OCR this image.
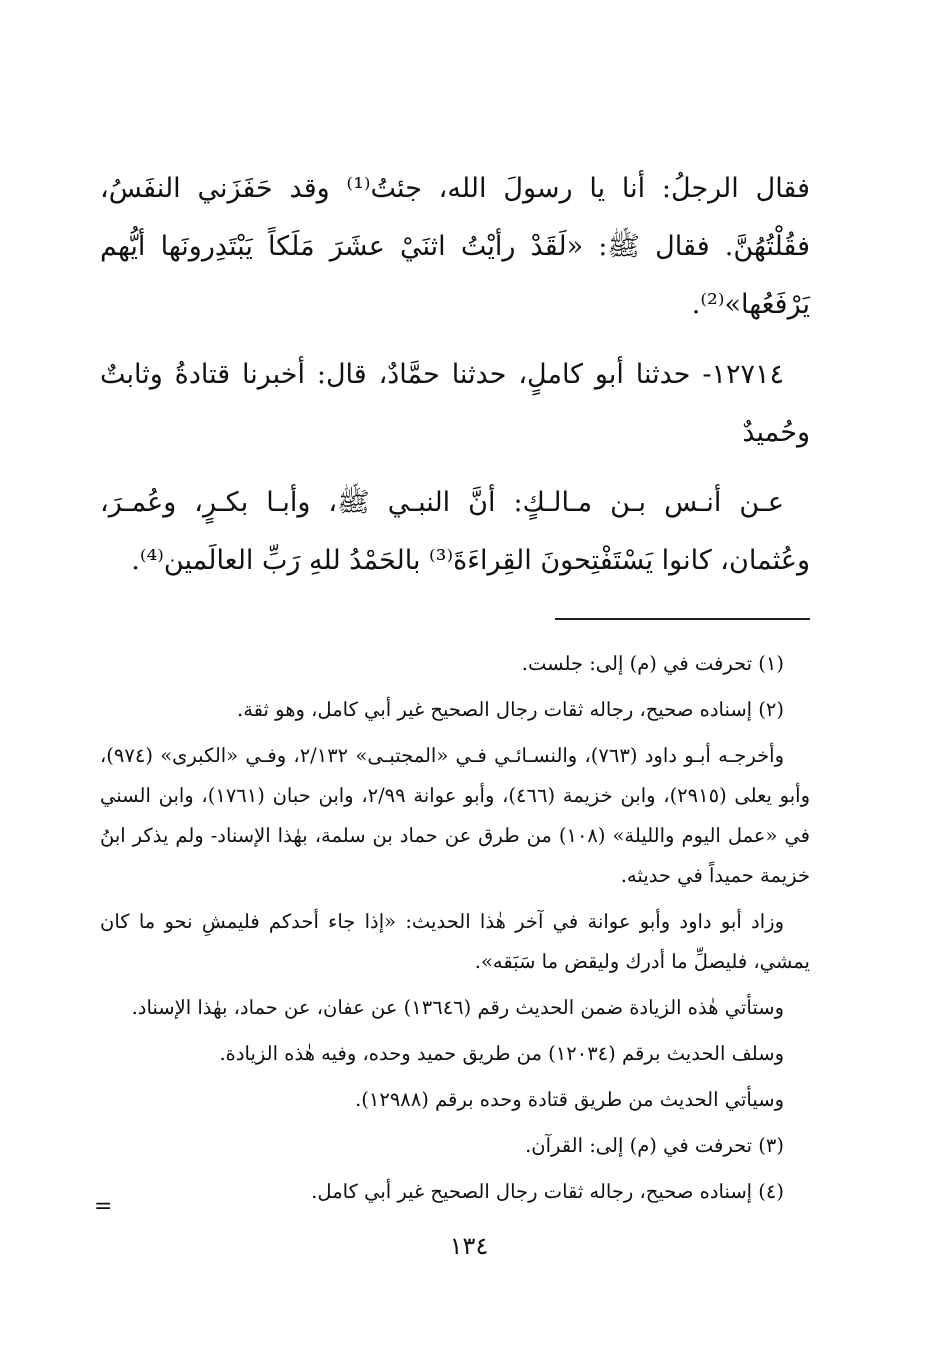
فقال الرجلُ: أنا يا رسولَ الله، جئتُ⁽¹⁾ وقد حَفَزَني النفَسُ، فقُلْتُهُنَّ. فقال ﷺ: «لَقَدْ رأيْتُ اثنَيْ عشَرَ مَلَكاً يَبْتَدِرونَها أيُّهم يَرْفَعُها»⁽²⁾.

١٢٧١٤- حدثنا أبو كاملٍ، حدثنا حمَّادٌ، قال: أخبرنا قتادةُ وثابتٌ وحُميدٌ

عـن أنـس بـن مـالـكٍ: أنَّ النبـي ﷺ، وأبـا بكـرٍ، وعُمـرَ، وعُثمان، كانوا يَسْتَفْتِحونَ القِراءَةَ⁽³⁾ بالحَمْدُ للهِ رَبِّ العالَمين⁽⁴⁾.

(١) تحرفت في (م) إلى: جلست.

(٢) إسناده صحيح، رجاله ثقات رجال الصحيح غير أبي كامل، وهو ثقة.

وأخرجـه أبـو داود (٧٦٣)، والنسـائـي فـي «المجتبـى» ٢/١٣٢، وفـي «الكبرى» (٩٧٤)، وأبو يعلى (٢٩١٥)، وابن خزيمة (٤٦٦)، وأبو عوانة ٢/٩٩، وابن حبان (١٧٦١)، وابن السني في «عمل اليوم والليلة» (١٠٨) من طرق عن حماد بن سلمة، بهٰذا الإسناد- ولم يذكر ابنُ خزيمة حميداً في حديثه.

وزاد أبو داود وأبو عوانة في آخر هٰذا الحديث: «إذا جاء أحدكم فليمشِ نحو ما كان يمشي، فليصلِّ ما أدرك وليقض ما سَبَقه».

وستأتي هٰذه الزيادة ضمن الحديث رقم (١٣٦٤٦) عن عفان، عن حماد، بهٰذا الإسناد.

وسلف الحديث برقم (١٢٠٣٤) من طريق حميد وحده، وفيه هٰذه الزيادة.

وسيأتي الحديث من طريق قتادة وحده برقم (١٢٩٨٨).

(٣) تحرفت في (م) إلى: القرآن.

(٤) إسناده صحيح، رجاله ثقات رجال الصحيح غير أبي كامل.

=
١٣٤
